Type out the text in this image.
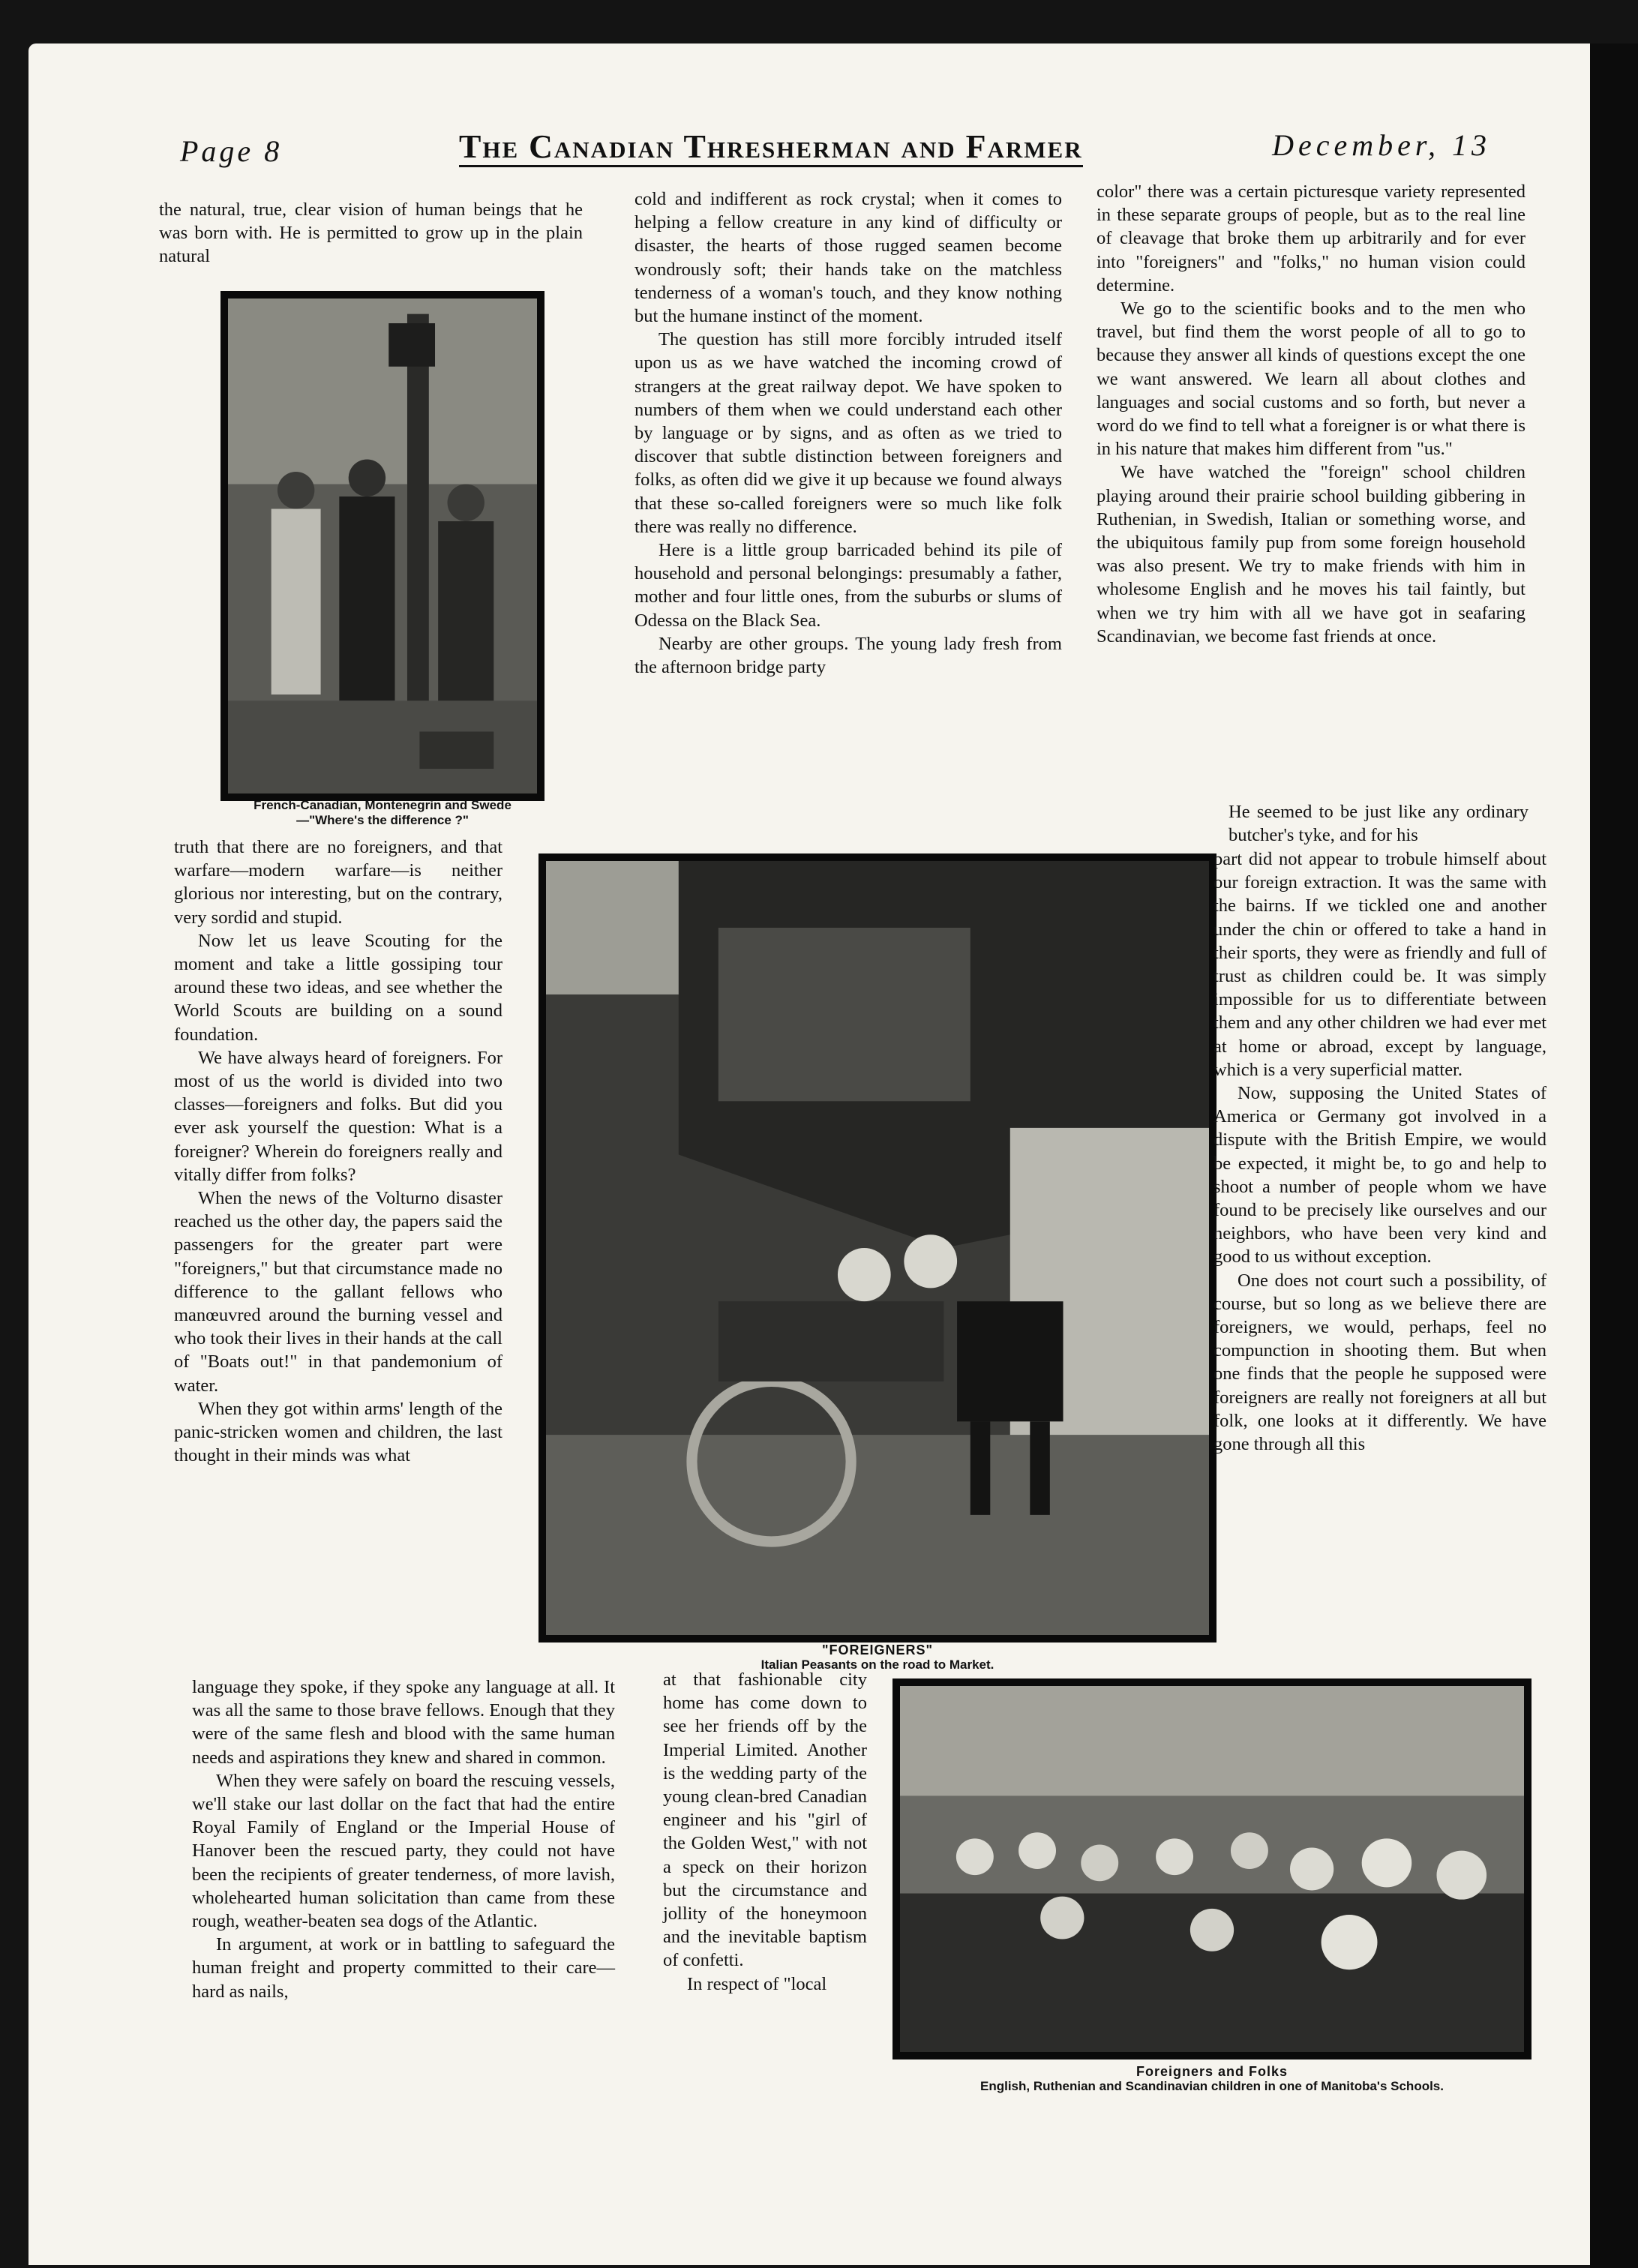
Page 8	The Canadian Thresherman and Farmer	December, 13

the natural, true, clear vision of human beings that he was born with. He is permitted to grow up in the plain natural

French-Canadian, Montenegrin and Swede—"Where's the difference ?"

truth that there are no foreigners, and that warfare—modern warfare—is neither glorious nor interesting, but on the contrary, very sordid and stupid.

Now let us leave Scouting for the moment and take a little gossiping tour around these two ideas, and see whether the World Scouts are building on a sound foundation.

We have always heard of foreigners. For most of us the world is divided into two classes—foreigners and folks. But did you ever ask yourself the question: What is a foreigner? Wherein do foreigners really and vitally differ from folks?

When the news of the Volturno disaster reached us the other day, the papers said the passengers for the greater part were "foreigners," but that circumstance made no difference to the gallant fellows who manœuvred around the burning vessel and who took their lives in their hands at the call of "Boats out!" in that pandemonium of water.

When they got within arms' length of the panic-stricken women and children, the last thought in their minds was what

language they spoke, if they spoke any language at all. It was all the same to those brave fellows. Enough that they were of the same flesh and blood with the same human needs and aspirations they knew and shared in common.

When they were safely on board the rescuing vessels, we'll stake our last dollar on the fact that had the entire Royal Family of England or the Imperial House of Hanover been the rescued party, they could not have been the recipients of greater tenderness, of more lavish, wholehearted human solicitation than came from these rough, weather-beaten sea dogs of the Atlantic.

In argument, at work or in battling to safeguard the human freight and property committed to their care—hard as nails,

cold and indifferent as rock crystal; when it comes to helping a fellow creature in any kind of difficulty or disaster, the hearts of those rugged seamen become wondrously soft; their hands take on the matchless tenderness of a woman's touch, and they know nothing but the humane instinct of the moment.

The question has still more forcibly intruded itself upon us as we have watched the incoming crowd of strangers at the great railway depot. We have spoken to numbers of them when we could understand each other by language or by signs, and as often as we tried to discover that subtle distinction between foreigners and folks, as often did we give it up because we found always that these so-called foreigners were so much like folk there was really no difference.

Here is a little group barricaded behind its pile of household and personal belongings: presumably a father, mother and four little ones, from the suburbs or slums of Odessa on the Black Sea.

Nearby are other groups. The young lady fresh from the afternoon bridge party

"FOREIGNERS"
Italian Peasants on the road to Market.

at that fashionable city home has come down to see her friends off by the Imperial Limited. Another is the wedding party of the young clean-bred Canadian engineer and his "girl of the Golden West," with not a speck on their horizon but the circumstance and jollity of the honeymoon and the inevitable baptism of confetti.

In respect of "local

color" there was a certain picturesque variety represented in these separate groups of people, but as to the real line of cleavage that broke them up arbitrarily and for ever into "foreigners" and "folks," no human vision could determine.

We go to the scientific books and to the men who travel, but find them the worst people of all to go to because they answer all kinds of questions except the one we want answered. We learn all about clothes and languages and social customs and so forth, but never a word do we find to tell what a foreigner is or what there is in his nature that makes him different from "us."

We have watched the "foreign" school children playing around their prairie school building gibbering in Ruthenian, in Swedish, Italian or something worse, and the ubiquitous family pup from some foreign household was also present. We try to make friends with him in wholesome English and he moves his tail faintly, but when we try him with all we have got in seafaring Scandinavian, we become fast friends at once.

He seemed to be just like any ordinary butcher's tyke, and for his

part did not appear to trobule himself about our foreign extraction. It was the same with the bairns. If we tickled one and another under the chin or offered to take a hand in their sports, they were as friendly and full of trust as children could be. It was simply impossible for us to differentiate between them and any other children we had ever met at home or abroad, except by language, which is a very superficial matter.

Now, supposing the United States of America or Germany got involved in a dispute with the British Empire, we would be expected, it might be, to go and help to shoot a number of people whom we have found to be precisely like ourselves and our neighbors, who have been very kind and good to us without exception.

One does not court such a possibility, of course, but so long as we believe there are foreigners, we would, perhaps, feel no compunction in shooting them. But when one finds that the people he supposed were foreigners are really not foreigners at all but folk, one looks at it differently. We have gone through all this

Foreigners and Folks
English, Ruthenian and Scandinavian children in one of Manitoba's Schools.
